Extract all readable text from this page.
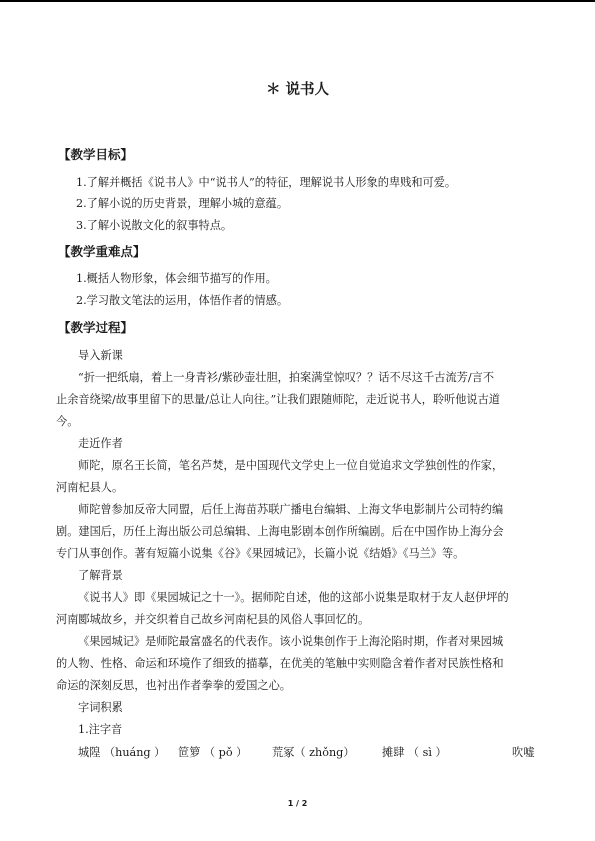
＊ 说书人
【教学目标】
1.了解并概括《说书人》中“说书人”的特征，理解说书人形象的卑贱和可爱。
2.了解小说的历史背景，理解小城的意蕴。
3.了解小说散文化的叙事特点。
【教学重难点】
1.概括人物形象，体会细节描写的作用。
2.学习散文笔法的运用，体悟作者的情感。
【教学过程】
导入新课
“折一把纸扇，着上一身青衫/紫砂壶壮胆，拍案满堂惊叹？？话不尽这千古流芳/言不
止余音绕梁/故事里留下的思量/总让人向往。”让我们跟随师陀，走近说书人，聆听他说古道
今。
走近作者
师陀，原名王长简，笔名芦焚，是中国现代文学史上一位自觉追求文学独创性的作家，
河南杞县人。
师陀曾参加反帝大同盟，后任上海苗苏联广播电台编辑、上海文华电影制片公司特约编
剧。建国后，历任上海出版公司总编辑、上海电影剧本创作所编剧。后在中国作协上海分会
专门从事创作。著有短篇小说集《谷》《果园城记》，长篇小说《结婚》《马兰》等。
了解背景
《说书人》即《果园城记之十一》。据师陀自述，他的这部小说集是取材于友人赵伊坪的
河南郾城故乡，并交织着自己故乡河南杞县的风俗人事回忆的。
《果园城记》是师陀最富盛名的代表作。该小说集创作于上海沦陷时期，作者对果园城
的人物、性格、命运和环境作了细致的描摹，在优美的笔触中实则隐含着作者对民族性格和
命运的深刻反思，也衬出作者拳拳的爱国之心。
字词积累
1.注字音
城隍 （huáng ） 笸箩 （ pǒ ） 荒冢（ zhǒng） 摊肆 （ sì ）	吹嘘
1 / 2
